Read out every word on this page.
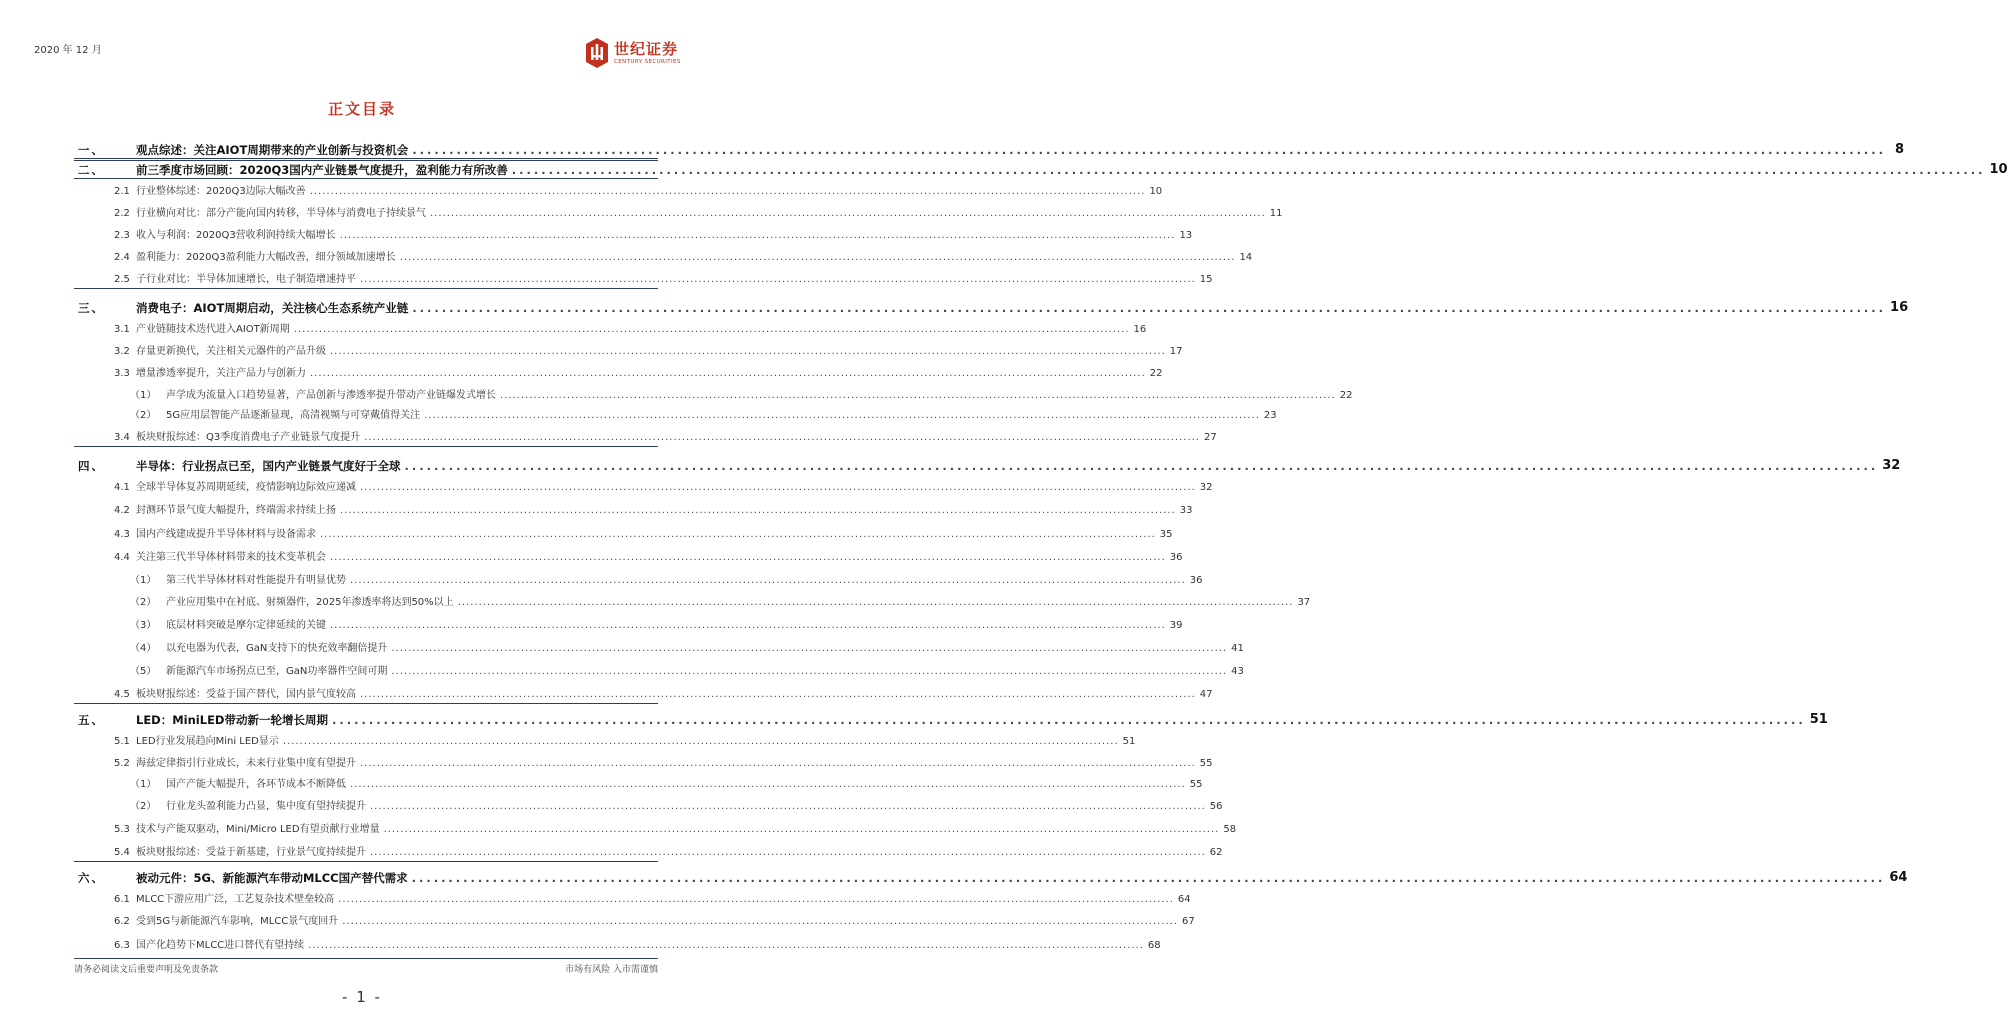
2020 年 12 月	世纪证券
CENTURY SECURITIES
正文目录
一、	观点综述：关注AIOT周期带来的产业创新与投资机会 ........................................................................................................................................................................................................ 8
二、	前三季度市场回顾：2020Q3国内产业链景气度提升，盈利能力有所改善 ........................................................................................................................................................................................................ 10
2.1 行业整体综述：2020Q3边际大幅改善 ........................................................................................................................................................................................................ 10
2.2 行业横向对比：部分产能向国内转移，半导体与消费电子持续景气 ........................................................................................................................................................................................................ 11
2.3 收入与利润：2020Q3营收利润持续大幅增长 ........................................................................................................................................................................................................ 13
2.4 盈利能力：2020Q3盈利能力大幅改善，细分领域加速增长 ........................................................................................................................................................................................................ 14
2.5 子行业对比：半导体加速增长，电子制造增速持平 ........................................................................................................................................................................................................ 15
三、	消费电子：AIOT周期启动，关注核心生态系统产业链 ........................................................................................................................................................................................................ 16
3.1 产业链随技术迭代进入AIOT新周期 ........................................................................................................................................................................................................ 16
3.2 存量更新换代，关注相关元器件的产品升级 ........................................................................................................................................................................................................ 17
3.3 增量渗透率提升，关注产品力与创新力 ........................................................................................................................................................................................................ 22
（1） 声学成为流量入口趋势显著，产品创新与渗透率提升带动产业链爆发式增长 ........................................................................................................................................................................................................ 22
（2） 5G应用层智能产品逐渐显现，高清视频与可穿戴值得关注 ........................................................................................................................................................................................................ 23
3.4 板块财报综述：Q3季度消费电子产业链景气度提升 ........................................................................................................................................................................................................ 27
四、	半导体：行业拐点已至，国内产业链景气度好于全球 ........................................................................................................................................................................................................ 32
4.1 全球半导体复苏周期延续，疫情影响边际效应递减 ........................................................................................................................................................................................................ 32
4.2 封测环节景气度大幅提升，终端需求持续上扬 ........................................................................................................................................................................................................ 33
4.3 国内产线建成提升半导体材料与设备需求 ........................................................................................................................................................................................................ 35
4.4 关注第三代半导体材料带来的技术变革机会 ........................................................................................................................................................................................................ 36
（1） 第三代半导体材料对性能提升有明显优势 ........................................................................................................................................................................................................ 36
（2） 产业应用集中在衬底、射频器件，2025年渗透率将达到50%以上 ........................................................................................................................................................................................................ 37
（3） 底层材料突破是摩尔定律延续的关键 ........................................................................................................................................................................................................ 39
（4） 以充电器为代表，GaN支持下的快充效率翻倍提升 ........................................................................................................................................................................................................ 41
（5） 新能源汽车市场拐点已至，GaN功率器件空间可期 ........................................................................................................................................................................................................ 43
4.5 板块财报综述：受益于国产替代，国内景气度较高 ........................................................................................................................................................................................................ 47
五、	LED：MiniLED带动新一轮增长周期 ........................................................................................................................................................................................................ 51
5.1 LED行业发展趋向Mini LED显示 ........................................................................................................................................................................................................ 51
5.2 海兹定律指引行业成长，未来行业集中度有望提升 ........................................................................................................................................................................................................ 55
（1） 国产产能大幅提升，各环节成本不断降低 ........................................................................................................................................................................................................ 55
（2） 行业龙头盈利能力凸显，集中度有望持续提升 ........................................................................................................................................................................................................ 56
5.3 技术与产能双驱动，Mini/Micro LED有望贡献行业增量 ........................................................................................................................................................................................................ 58
5.4 板块财报综述：受益于新基建，行业景气度持续提升 ........................................................................................................................................................................................................ 62
六、	被动元件：5G、新能源汽车带动MLCC国产替代需求 ........................................................................................................................................................................................................ 64
6.1 MLCC下游应用广泛，工艺复杂技术壁垒较高 ........................................................................................................................................................................................................ 64
6.2 受到5G与新能源汽车影响，MLCC景气度回升 ........................................................................................................................................................................................................ 67
6.3 国产化趋势下MLCC进口替代有望持续 ........................................................................................................................................................................................................ 68
请务必阅读文后重要声明及免责条款	市场有风险 入市需谨慎
- 1 -
